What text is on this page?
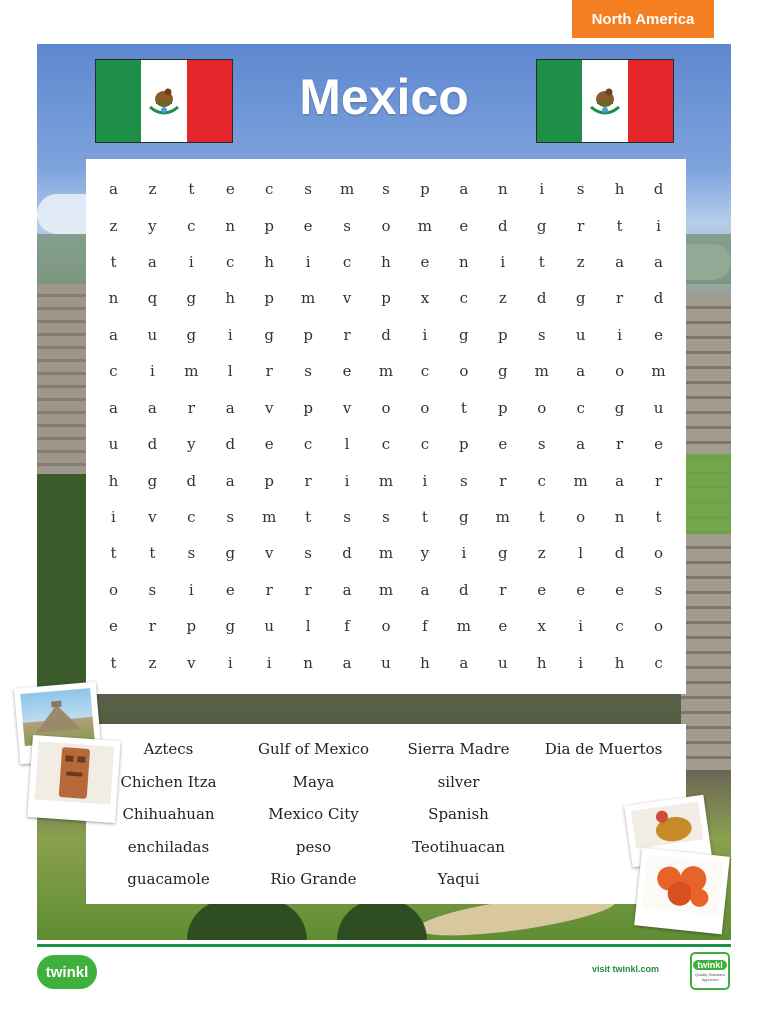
North America
Mexico
a	z	t	e	c	s	m	s	p	a	n	i	s	h	d
z	y	c	n	p	e	s	o	m	e	d	g	r	t	i
t	a	i	c	h	i	c	h	e	n	i	t	z	a	a
n	q	g	h	p	m	v	p	x	c	z	d	g	r	d
a	u	g	i	g	p	r	d	i	g	p	s	u	i	e
c	i	m	l	r	s	e	m	c	o	g	m	a	o	m
a	a	r	a	v	p	v	o	o	t	p	o	c	g	u
u	d	y	d	e	c	l	c	c	p	e	s	a	r	e
h	g	d	a	p	r	i	m	i	s	r	c	m	a	r
i	v	c	s	m	t	s	s	t	g	m	t	o	n	t
t	t	s	g	v	s	d	m	y	i	g	z	l	d	o
o	s	i	e	r	r	a	m	a	d	r	e	e	e	s
e	r	p	g	u	l	f	o	f	m	e	x	i	c	o
t	z	v	i	i	n	a	u	h	a	u	h	i	h	c
Aztecs	Gulf of Mexico	Sierra Madre	Dia de Muertos
Chichen Itza	Maya	silver
Chihuahuan	Mexico City	Spanish
enchiladas	peso	Teotihuacan
guacamole	Rio Grande	Yaqui
twinkl	visit twinkl.com	twinkl
Quality Standard Approved
